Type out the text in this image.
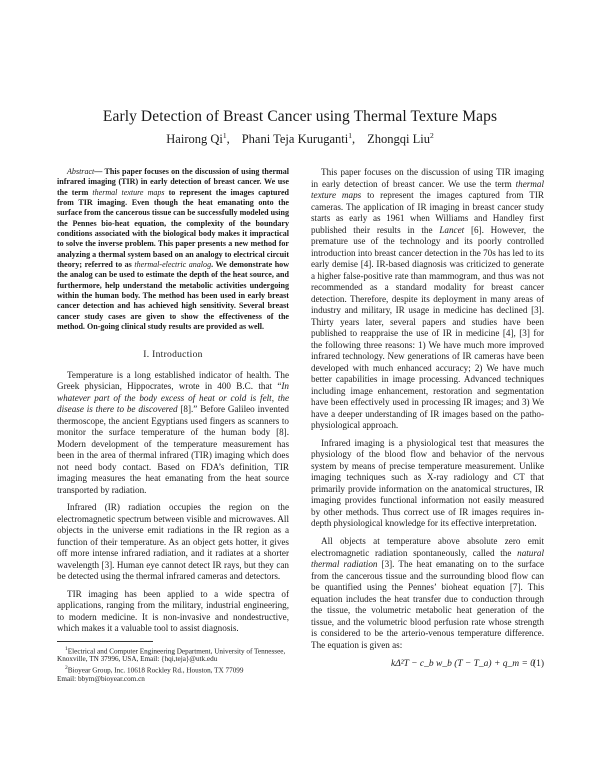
Early Detection of Breast Cancer using Thermal Texture Maps
Hairong Qi$^1$, Phani Teja Kuruganti$^1$, Zhongqi Liu$^2$

Abstract— This paper focuses on the discussion of using thermal infrared imaging (TIR) in early detection of breast cancer. We use the term thermal texture maps to represent the images captured from TIR imaging. Even though the heat emanating onto the surface from the cancerous tissue can be successfully modeled using the Pennes bio-heat equation, the complexity of the boundary conditions associated with the biological body makes it impractical to solve the inverse problem. This paper presents a new method for analyzing a thermal system based on an analogy to electrical circuit theory; referred to as thermal-electric analog. We demonstrate how the analog can be used to estimate the depth of the heat source, and furthermore, help understand the metabolic activities undergoing within the human body. The method has been used in early breast cancer detection and has achieved high sensitivity. Several breast cancer study cases are given to show the effectiveness of the method. On-going clinical study results are provided as well.

I. Introduction

Temperature is a long established indicator of health. The Greek physician, Hippocrates, wrote in 400 B.C. that “In whatever part of the body excess of heat or cold is felt, the disease is there to be discovered [8].” Before Galileo invented thermoscope, the ancient Egyptians used fingers as scanners to monitor the surface temperature of the human body [8]. Modern development of the temperature measurement has been in the area of thermal infrared (TIR) imaging which does not need body contact. Based on FDA’s definition, TIR imaging measures the heat emanating from the heat source transported by radiation.

Infrared (IR) radiation occupies the region on the electromagnetic spectrum between visible and microwaves. All objects in the universe emit radiations in the IR region as a function of their temperature. As an object gets hotter, it gives off more intense infrared radiation, and it radiates at a shorter wavelength [3]. Human eye cannot detect IR rays, but they can be detected using the thermal infrared cameras and detectors.

TIR imaging has been applied to a wide spectra of applications, ranging from the military, industrial engineering, to modern medicine. It is non-invasive and nondestructive, which makes it a valuable tool to assist diagnosis.

$^1$Electrical and Computer Engineering Department, University of Tennessee, Knoxville, TN 37996, USA, Email: {hqi,teja}@utk.edu

$^2$Bioyear Group, Inc. 10618 Rockley Rd., Houston, TX 77099

Email: bbym@bioyear.com.cn

This paper focuses on the discussion of using TIR imaging in early detection of breast cancer. We use the term thermal texture maps to represent the images captured from TIR cameras. The application of IR imaging in breast cancer study starts as early as 1961 when Williams and Handley first published their results in the Lancet [6]. However, the premature use of the technology and its poorly controlled introduction into breast cancer detection in the 70s has led to its early demise [4]. IR-based diagnosis was criticized to generate a higher false-positive rate than mammogram, and thus was not recommended as a standard modality for breast cancer detection. Therefore, despite its deployment in many areas of industry and military, IR usage in medicine has declined [3]. Thirty years later, several papers and studies have been published to reappraise the use of IR in medicine [4], [3] for the following three reasons: 1) We have much more improved infrared technology. New generations of IR cameras have been developed with much enhanced accuracy; 2) We have much better capabilities in image processing. Advanced techniques including image enhancement, restoration and segmentation have been effectively used in processing IR images; and 3) We have a deeper understanding of IR images based on the patho-physiological approach.

Infrared imaging is a physiological test that measures the physiology of the blood flow and behavior of the nervous system by means of precise temperature measurement. Unlike imaging techniques such as X-ray radiology and CT that primarily provide information on the anatomical structures, IR imaging provides functional information not easily measured by other methods. Thus correct use of IR images requires in-depth physiological knowledge for its effective interpretation.

All objects at temperature above absolute zero emit electromagnetic radiation spontaneously, called the natural thermal radiation [3]. The heat emanating on to the surface from the cancerous tissue and the surrounding blood flow can be quantified using the Pennes’ bioheat equation [7]. This equation includes the heat transfer due to conduction through the tissue, the volumetric metabolic heat generation of the tissue, and the volumetric blood perfusion rate whose strength is considered to be the arterio-venous temperature difference. The equation is given as:

kΔ²T − c_b w_b (T − T_a) + q_m = 0
(1)
